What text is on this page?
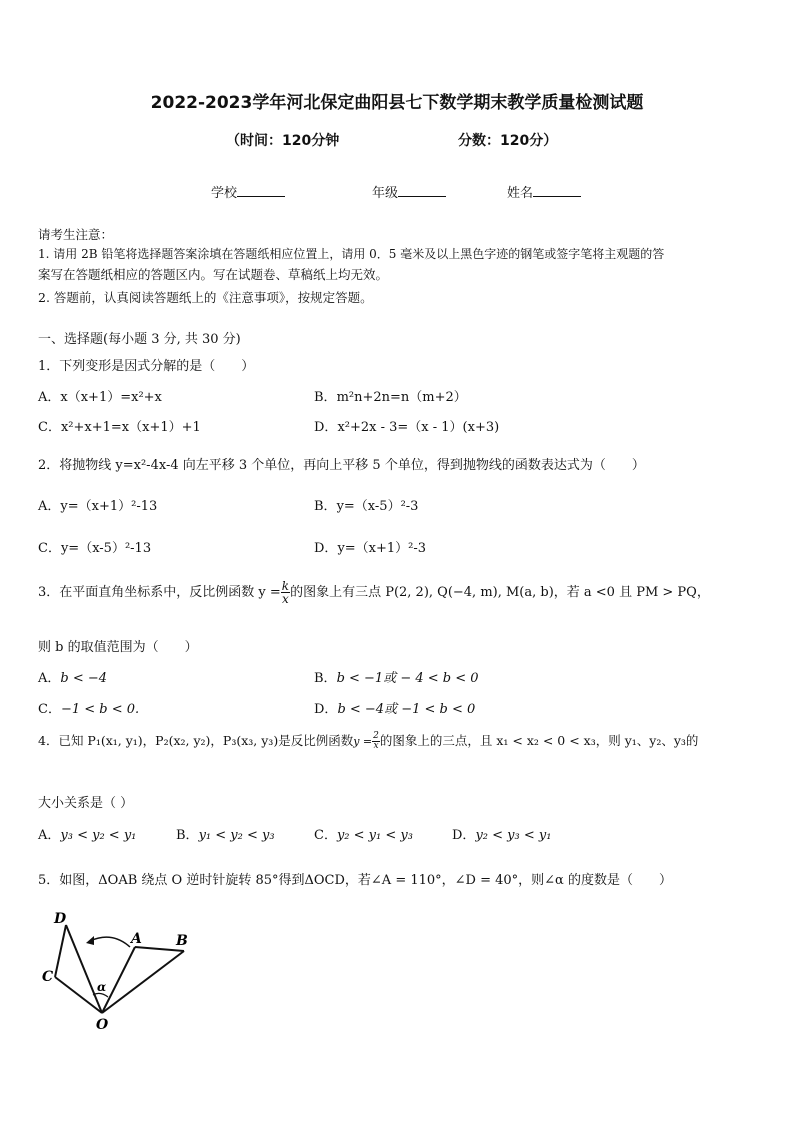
2022-2023学年河北保定曲阳县七下数学期末教学质量检测试题
（时间：120分钟	分数：120分）
学校	年级	姓名
请考生注意：
1. 请用 2B 铅笔将选择题答案涂填在答题纸相应位置上，请用 0．5 毫米及以上黑色字迹的钢笔或签字笔将主观题的答
案写在答题纸相应的答题区内。写在试题卷、草稿纸上均无效。
2. 答题前，认真阅读答题纸上的《注意事项》，按规定答题。
一、选择题(每小题 3 分, 共 30 分)
1．下列变形是因式分解的是（　　）
A．x（x+1）=x²+x	B．m²n+2n=n（m+2）
C．x²+x+1=x（x+1）+1	D．x²+2x - 3=（x - 1）(x+3)
2．将抛物线 y=x²-4x-4 向左平移 3 个单位，再向上平移 5 个单位，得到抛物线的函数表达式为（　　）
A．y=（x+1）²-13	B．y=（x-5）²-3
C．y=（x-5）²-13	D．y=（x+1）²-3
3．在平面直角坐标系中，反比例函数 $y = \frac{k}{x}$ 的图象上有三点 P(2, 2), Q(−4, m), M(a, b)，若 a <0 且 PM > PQ，
则 b 的取值范围为（　　）
A．b < −4	B．b < −1或 − 4 < b < 0
C．−1 < b < 0.	D．b < −4或 −1 < b < 0
4．已知 P₁(x₁, y₁)，P₂(x₂, y₂)，P₃(x₃, y₃)是反比例函数$y = \frac{2}{x}$ 的图象上的三点，且 x₁ < x₂ < 0 < x₃，则 y₁、y₂、y₃的
大小关系是（ ）
A．y₃ < y₂ < y₁	B．y₁ < y₂ < y₃	C．y₂ < y₁ < y₃	D．y₂ < y₃ < y₁
5．如图，ΔOAB 绕点 O 逆时针旋转 85°得到ΔOCD，若∠A = 110°，∠D = 40°，则∠α 的度数是（　　）
D
C
A B
O
α
